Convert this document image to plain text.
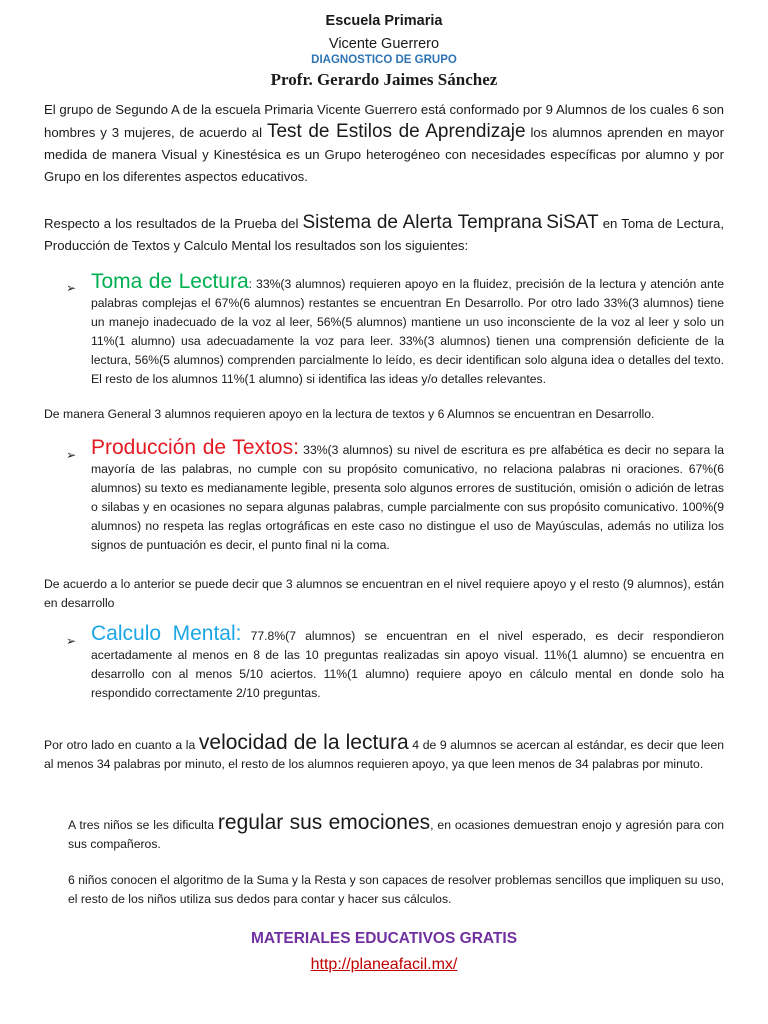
Escuela Primaria
Vicente Guerrero
DIAGNOSTICO DE GRUPO
Profr. Gerardo Jaimes Sánchez
El grupo de Segundo A de la escuela Primaria Vicente Guerrero está conformado por 9 Alumnos de los cuales 6 son hombres y 3 mujeres, de acuerdo al Test de Estilos de Aprendizaje los alumnos aprenden en mayor medida de manera Visual y Kinestésica es un Grupo heterogéneo con necesidades específicas por alumno y por Grupo en los diferentes aspectos educativos.
Respecto a los resultados de la Prueba del Sistema de Alerta Temprana SiSAT en Toma de Lectura, Producción de Textos y Calculo Mental los resultados son los siguientes:
➢ Toma de Lectura: 33%(3 alumnos) requieren apoyo en la fluidez, precisión de la lectura y atención ante palabras complejas el 67%(6 alumnos) restantes se encuentran En Desarrollo. Por otro lado 33%(3 alumnos) tiene un manejo inadecuado de la voz al leer, 56%(5 alumnos) mantiene un uso inconsciente de la voz al leer y solo un 11%(1 alumno) usa adecuadamente la voz para leer. 33%(3 alumnos) tienen una comprensión deficiente de la lectura, 56%(5 alumnos) comprenden parcialmente lo leído, es decir identifican solo alguna idea o detalles del texto. El resto de los alumnos 11%(1 alumno) si identifica las ideas y/o detalles relevantes.
De manera General 3 alumnos requieren apoyo en la lectura de textos y 6 Alumnos se encuentran en Desarrollo.
➢ Producción de Textos: 33%(3 alumnos) su nivel de escritura es pre alfabética es decir no separa la mayoría de las palabras, no cumple con su propósito comunicativo, no relaciona palabras ni oraciones. 67%(6 alumnos) su texto es medianamente legible, presenta solo algunos errores de sustitución, omisión o adición de letras o silabas y en ocasiones no separa algunas palabras, cumple parcialmente con sus propósito comunicativo. 100%(9 alumnos) no respeta las reglas ortográficas en este caso no distingue el uso de Mayúsculas, además no utiliza los signos de puntuación es decir, el punto final ni la coma.
De acuerdo a lo anterior se puede decir que 3 alumnos se encuentran en el nivel requiere apoyo y el resto (9 alumnos), están en desarrollo
➢ Calculo Mental: 77.8%(7 alumnos) se encuentran en el nivel esperado, es decir respondieron acertadamente al menos en 8 de las 10 preguntas realizadas sin apoyo visual. 11%(1 alumno) se encuentra en desarrollo con al menos 5/10 aciertos. 11%(1 alumno) requiere apoyo en cálculo mental en donde solo ha respondido correctamente 2/10 preguntas.
Por otro lado en cuanto a la velocidad de la lectura 4 de 9 alumnos se acercan al estándar, es decir que leen al menos 34 palabras por minuto, el resto de los alumnos requieren apoyo, ya que leen menos de 34 palabras por minuto.
A tres niños se les dificulta regular sus emociones, en ocasiones demuestran enojo y agresión para con sus compañeros.
6 niños conocen el algoritmo de la Suma y la Resta y son capaces de resolver problemas sencillos que impliquen su uso, el resto de los niños utiliza sus dedos para contar y hacer sus cálculos.
MATERIALES EDUCATIVOS GRATIS
http://planeafacil.mx/
